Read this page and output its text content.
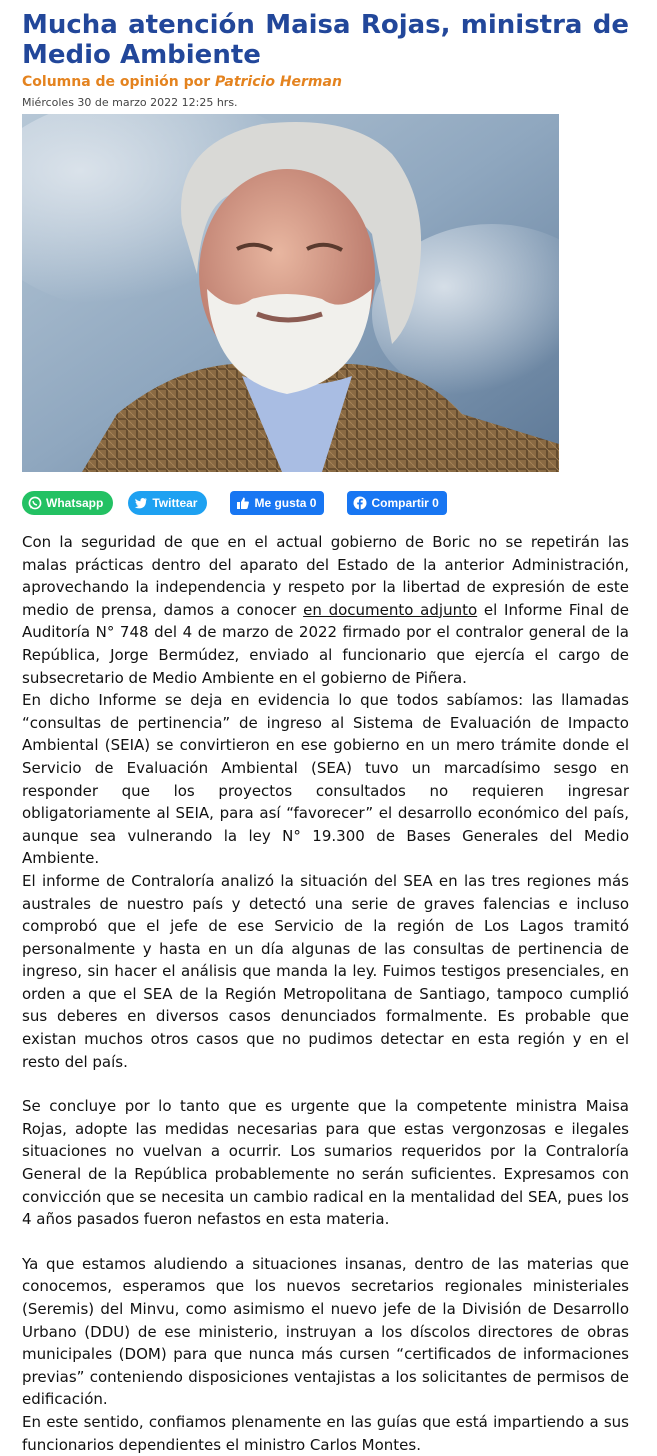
Mucha atención Maisa Rojas, ministra de Medio Ambiente
Columna de opinión por Patricio Herman
Miércoles 30 de marzo 2022 12:25 hrs.
Whatsapp	Twittear	Me gusta 0	Compartir 0

Con la seguridad de que en el actual gobierno de Boric no se repetirán las malas prácticas dentro del aparato del Estado de la anterior Administración, aprovechando la independencia y respeto por la libertad de expresión de este medio de prensa, damos a conocer en documento adjunto el Informe Final de Auditoría N° 748 del 4 de marzo de 2022 firmado por el contralor general de la República, Jorge Bermúdez, enviado al funcionario que ejercía el cargo de subsecretario de Medio Ambiente en el gobierno de Piñera.

En dicho Informe se deja en evidencia lo que todos sabíamos: las llamadas “consultas de pertinencia” de ingreso al Sistema de Evaluación de Impacto Ambiental (SEIA) se convirtieron en ese gobierno en un mero trámite donde el Servicio de Evaluación Ambiental (SEA) tuvo un marcadísimo sesgo en responder que los proyectos consultados no requieren ingresar obligatoriamente al SEIA, para así “favorecer” el desarrollo económico del país, aunque sea vulnerando la ley N° 19.300 de Bases Generales del Medio Ambiente.

El informe de Contraloría analizó la situación del SEA en las tres regiones más australes de nuestro país y detectó una serie de graves falencias e incluso comprobó que el jefe de ese Servicio de la región de Los Lagos tramitó personalmente y hasta en un día algunas de las consultas de pertinencia de ingreso, sin hacer el análisis que manda la ley. Fuimos testigos presenciales, en orden a que el SEA de la Región Metropolitana de Santiago, tampoco cumplió sus deberes en diversos casos denunciados formalmente. Es probable que existan muchos otros casos que no pudimos detectar en esta región y en el resto del país.

Se concluye por lo tanto que es urgente que la competente ministra Maisa Rojas, adopte las medidas necesarias para que estas vergonzosas e ilegales situaciones no vuelvan a ocurrir. Los sumarios requeridos por la Contraloría General de la República probablemente no serán suficientes. Expresamos con convicción que se necesita un cambio radical en la mentalidad del SEA, pues los 4 años pasados fueron nefastos en esta materia.

Ya que estamos aludiendo a situaciones insanas, dentro de las materias que conocemos, esperamos que los nuevos secretarios regionales ministeriales (Seremis) del Minvu, como asimismo el nuevo jefe de la División de Desarrollo Urbano (DDU) de ese ministerio, instruyan a los díscolos directores de obras municipales (DOM) para que nunca más cursen “certificados de informaciones previas” conteniendo disposiciones ventajistas a los solicitantes de permisos de edificación.

En este sentido, confiamos plenamente en las guías que está impartiendo a sus funcionarios dependientes el ministro Carlos Montes.
